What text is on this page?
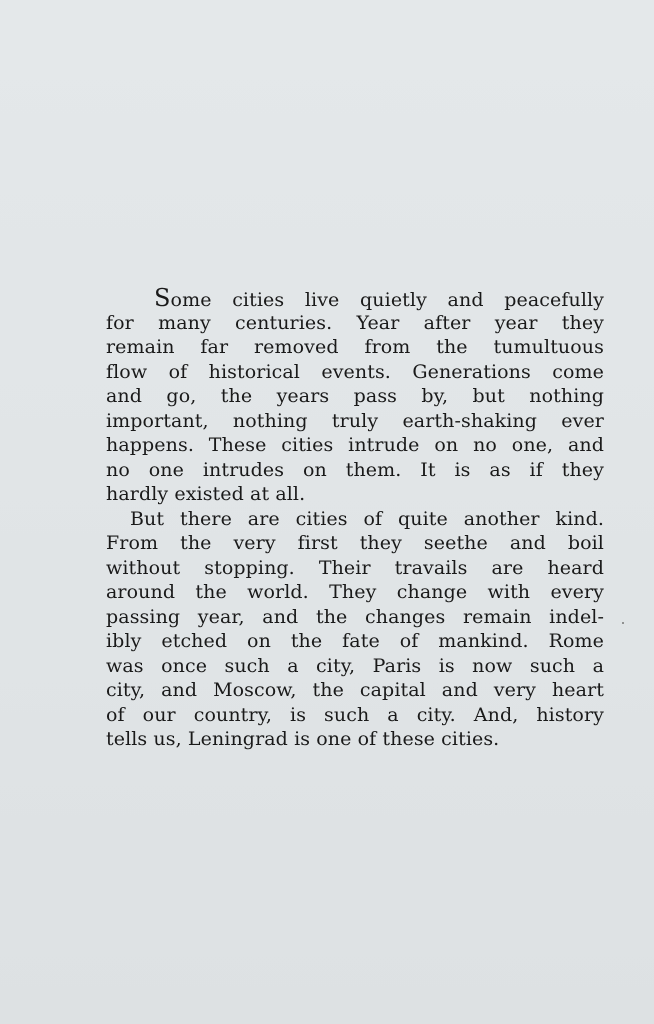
Some cities live quietly and peacefully
for many centuries. Year after year they
remain far removed from the tumultuous
flow of historical events. Generations come
and go, the years pass by, but nothing
important, nothing truly earth-shaking ever
happens. These cities intrude on no one, and
no one intrudes on them. It is as if they
hardly existed at all.
But there are cities of quite another kind.
From the very first they seethe and boil
without stopping. Their travails are heard
around the world. They change with every
passing year, and the changes remain indel-
ibly etched on the fate of mankind. Rome
was once such a city, Paris is now such a
city, and Moscow, the capital and very heart
of our country, is such a city. And, history
tells us, Leningrad is one of these cities.
